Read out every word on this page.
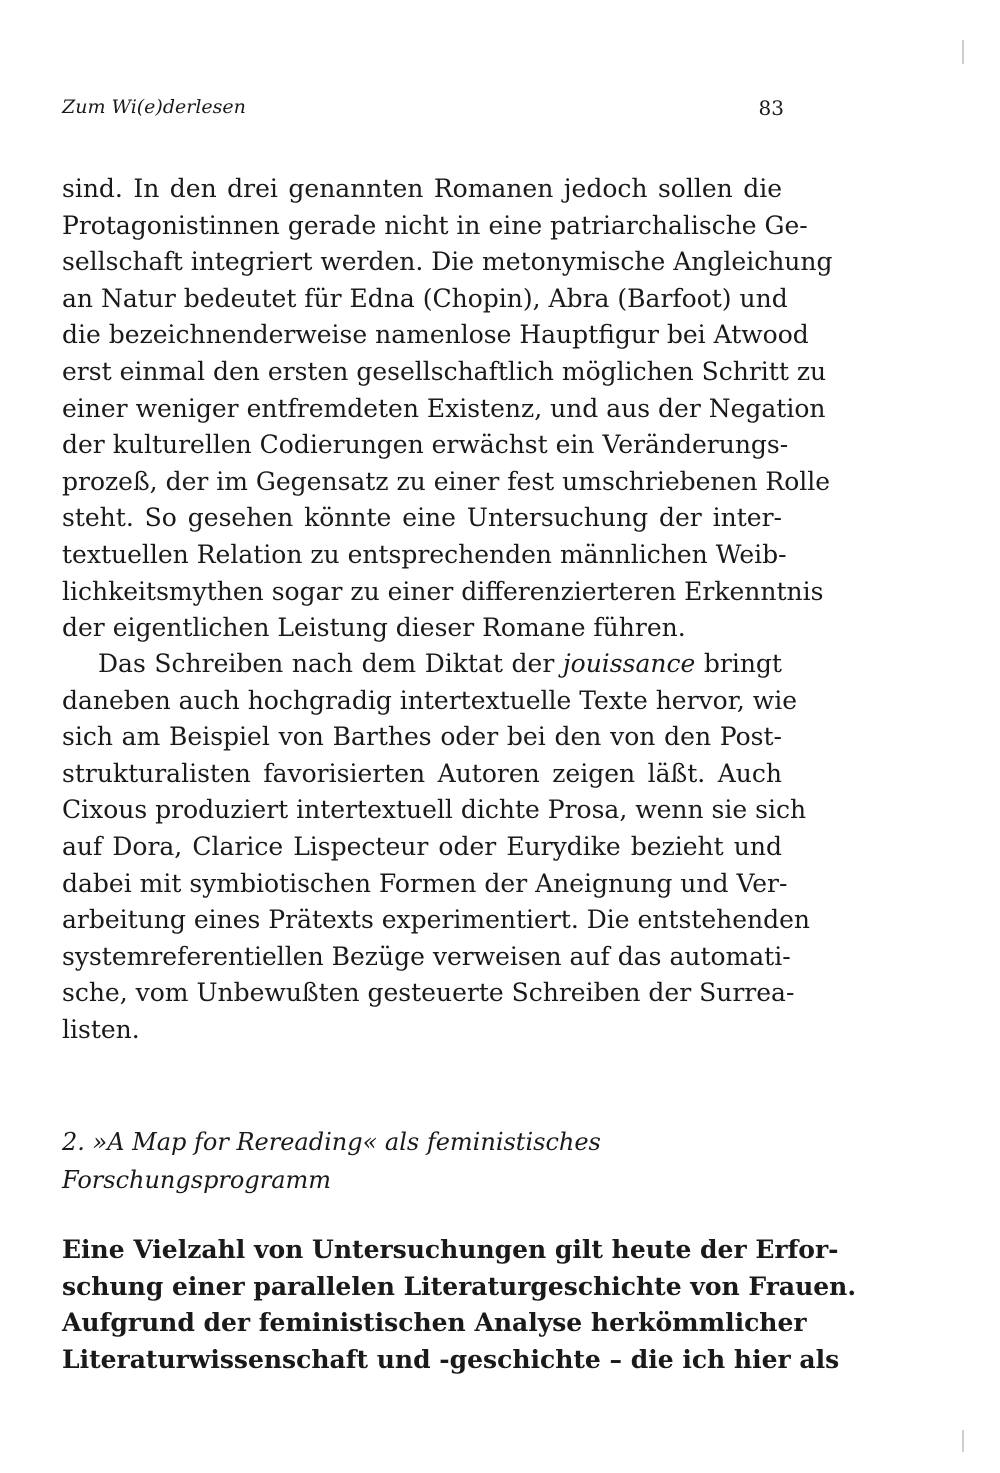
Zum Wi(e)derlesen	83
sind. In den drei genannten Romanen jedoch sollen die
Protagonistinnen gerade nicht in eine patriarchalische Ge-
sellschaft integriert werden. Die metonymische Angleichung
an Natur bedeutet für Edna (Chopin), Abra (Barfoot) und
die bezeichnenderweise namenlose Hauptfigur bei Atwood
erst einmal den ersten gesellschaftlich möglichen Schritt zu
einer weniger entfremdeten Existenz, und aus der Negation
der kulturellen Codierungen erwächst ein Veränderungs-
prozeß, der im Gegensatz zu einer fest umschriebenen Rolle
steht. So gesehen könnte eine Untersuchung der inter-
textuellen Relation zu entsprechenden männlichen Weib-
lichkeitsmythen sogar zu einer differenzierteren Erkenntnis
der eigentlichen Leistung dieser Romane führen.
Das Schreiben nach dem Diktat der jouissance bringt
daneben auch hochgradig intertextuelle Texte hervor, wie
sich am Beispiel von Barthes oder bei den von den Post-
strukturalisten favorisierten Autoren zeigen läßt. Auch
Cixous produziert intertextuell dichte Prosa, wenn sie sich
auf Dora, Clarice Lispecteur oder Eurydike bezieht und
dabei mit symbiotischen Formen der Aneignung und Ver-
arbeitung eines Prätexts experimentiert. Die entstehenden
systemreferentiellen Bezüge verweisen auf das automati-
sche, vom Unbewußten gesteuerte Schreiben der Surrea-
listen.
2. »A Map for Rereading« als feministisches
Forschungsprogramm
Eine Vielzahl von Untersuchungen gilt heute der Erfor-
schung einer parallelen Literaturgeschichte von Frauen.
Aufgrund der feministischen Analyse herkömmlicher
Literaturwissenschaft und -geschichte – die ich hier als
